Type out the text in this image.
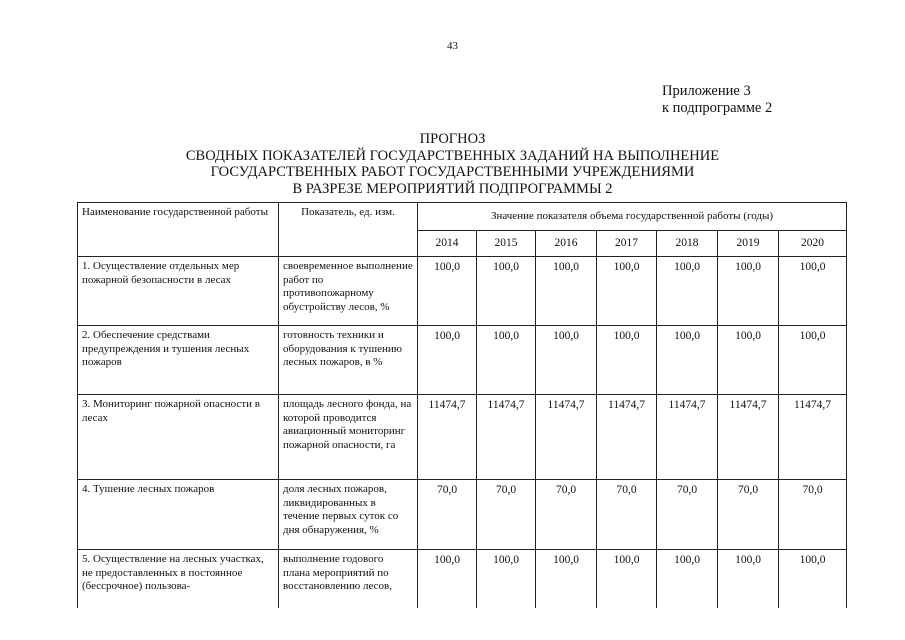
43
Приложение 3
к подпрограмме 2
ПРОГНОЗ
СВОДНЫХ ПОКАЗАТЕЛЕЙ ГОСУДАРСТВЕННЫХ ЗАДАНИЙ НА ВЫПОЛНЕНИЕ
ГОСУДАРСТВЕННЫХ РАБОТ ГОСУДАРСТВЕННЫМИ УЧРЕЖДЕНИЯМИ
В РАЗРЕЗЕ МЕРОПРИЯТИЙ ПОДПРОГРАММЫ 2
Наименование государственной работы	Показатель, ед. изм.	Значение показателя объема государственной работы (годы)						
		2014	2015	2016	2017	2018	2019	2020
1. Осуществление отдельных мер пожарной безопасности в лесах	своевременное выполнение работ по противопожарному обустройству лесов, %	100,0	100,0	100,0	100,0	100,0	100,0	100,0
2. Обеспечение средствами предупреждения и тушения лесных пожаров	готовность техники и оборудования к тушению лесных пожаров, в %	100,0	100,0	100,0	100,0	100,0	100,0	100,0
3. Мониторинг пожарной опасности в лесах	площадь лесного фонда, на которой проводится авиационный мониторинг пожарной опасности, га	11474,7	11474,7	11474,7	11474,7	11474,7	11474,7	11474,7
4. Тушение лесных пожаров	доля лесных пожаров, ликвидированных в течение первых суток со дня обнаружения, %	70,0	70,0	70,0	70,0	70,0	70,0	70,0
5. Осуществление на лесных участках, не предоставленных в постоянное (бессрочное) пользова-	выполнение годового плана мероприятий по восстановлению лесов,	100,0	100,0	100,0	100,0	100,0	100,0	100,0
